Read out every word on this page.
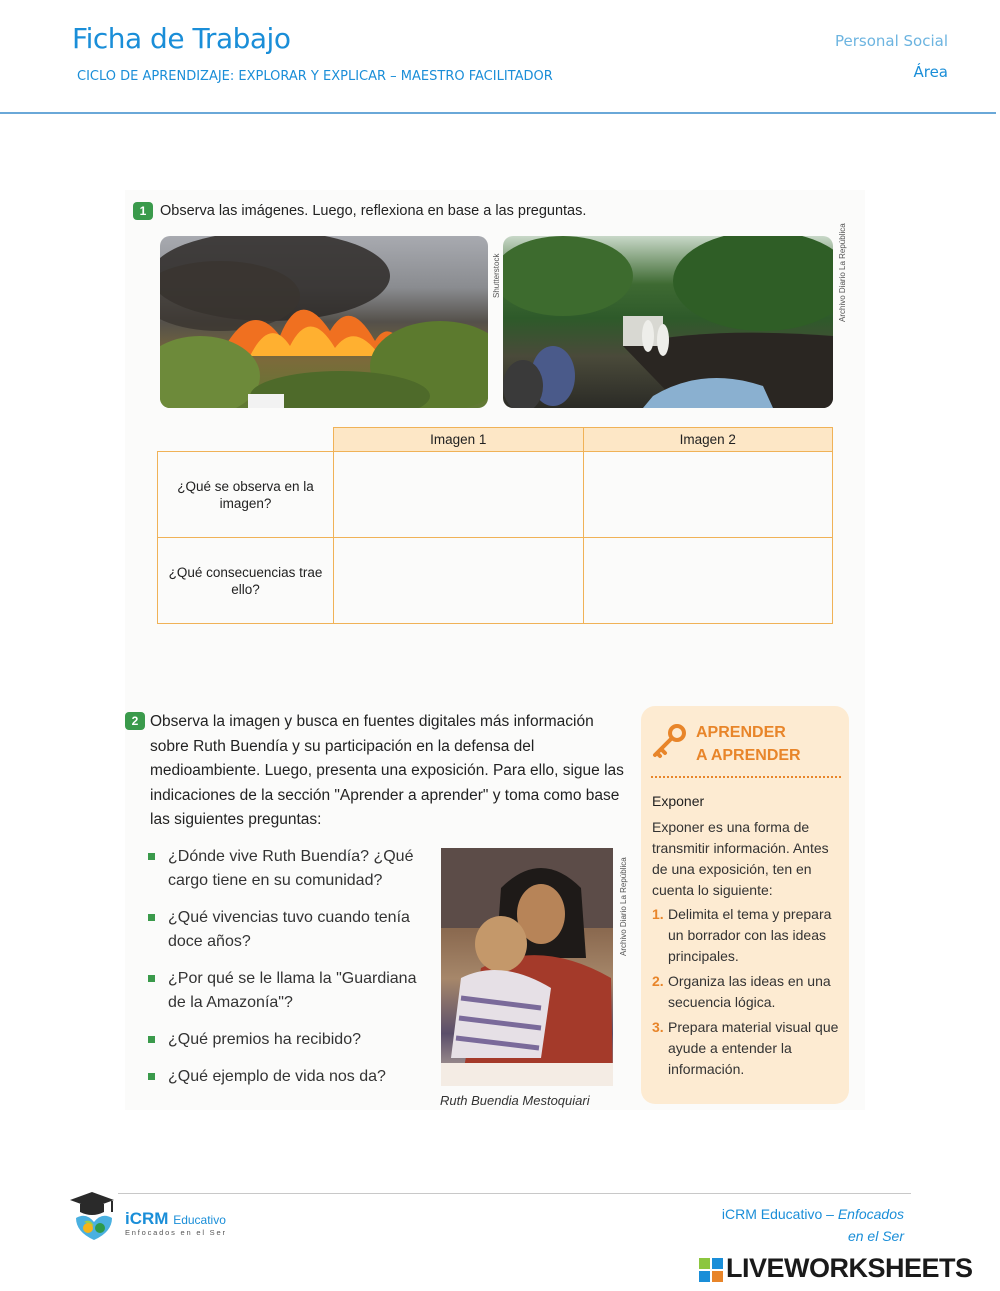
Ficha de Trabajo
CICLO DE APRENDIZAJE: EXPLORAR Y EXPLICAR – MAESTRO FACILITADOR
Personal Social
Área
1 Observa las imágenes. Luego, reflexiona en base a las preguntas.
Shutterstock	Archivo Diario La República
	Imagen 1	Imagen 2
¿Qué se observa en la imagen?		
¿Qué consecuencias trae ello?		
2 Observa la imagen y busca en fuentes digitales más información sobre Ruth Buendía y su participación en la defensa del medioambiente. Luego, presenta una exposición. Para ello, sigue las indicaciones de la sección "Aprender a aprender" y toma como base las siguientes preguntas:
¿Dónde vive Ruth Buendía? ¿Qué cargo tiene en su comunidad?
¿Qué vivencias tuvo cuando tenía doce años?
¿Por qué se le llama la "Guardiana de la Amazonía"?
¿Qué premios ha recibido?
¿Qué ejemplo de vida nos da?
Archivo Diario La República
Ruth Buendia Mestoquiari
APRENDER
A APRENDER
Exponer
Exponer es una forma de transmitir información. Antes de una exposición, ten en cuenta lo siguiente:
1. Delimita el tema y prepara un borrador con las ideas principales.
2. Organiza las ideas en una secuencia lógica.
3. Prepara material visual que ayude a entender la información.
iCRM Educativo
Enfocados en el Ser
iCRM Educativo – Enfocados
en el Ser
LIVEWORKSHEETS
